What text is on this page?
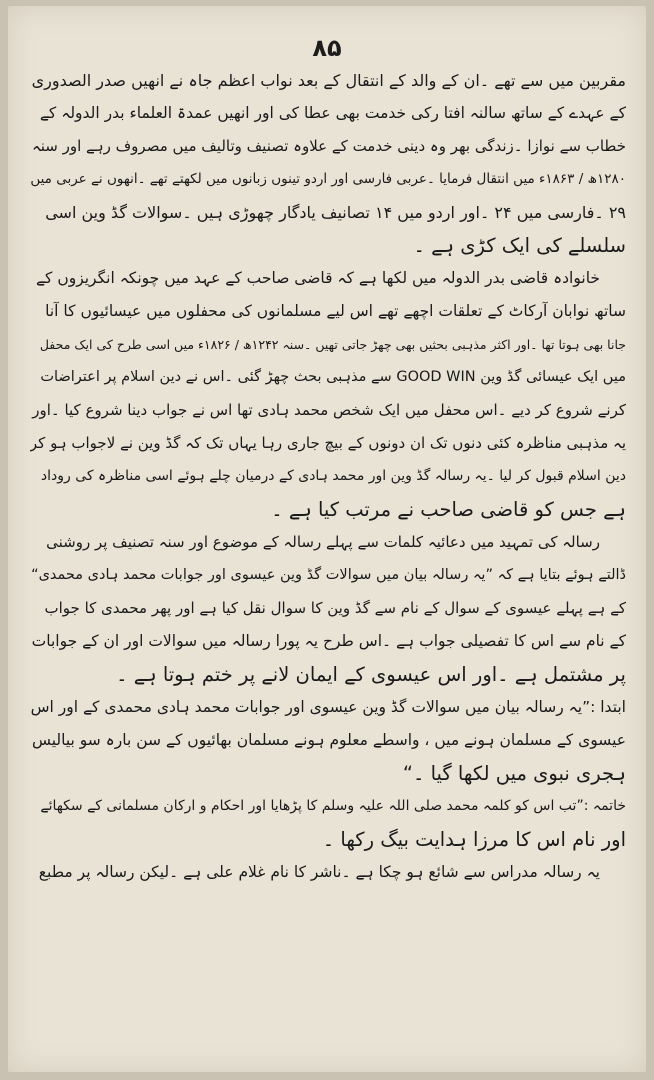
۸۵
مقربین میں سے تھے ۔ان کے والد کے انتقال کے بعد نواب اعظم جاہ نے انھیں صدر الصدوری
کے عہدے کے ساتھ سالنہ افتا رکی خدمت بھی عطا کی اور انھیں عمدۃ العلماء بدر الدولہ کے
خطاب سے نوازا ۔زندگی بھر وہ دینی خدمت کے علاوہ تصنیف وتالیف میں مصروف رہے اور سنہ
۱۲۸۰ھ / ۱۸۶۳ء میں انتقال فرمایا ۔عربی فارسی اور اردو تینوں زبانوں میں لکھتے تھے ۔انھوں نے عربی میں
۲۹ ۔فارسی میں ۲۴ ۔اور اردو میں ۱۴ تصانیف یادگار چھوڑی ہیں ۔سوالات گڈ وین اسی
سلسلے کی ایک کڑی ہے ۔
خانوادہ قاضی بدر الدولہ میں لکھا ہے کہ قاضی صاحب کے عہد میں چونکہ انگریزوں کے
ساتھ نوابان آرکاٹ کے تعلقات اچھے تھے اس لیے مسلمانوں کی محفلوں میں عیسائیوں کا آنا
جانا بھی ہوتا تھا ۔اور اکثر مذہبی بحثیں بھی چھڑ جاتی تھیں ۔سنہ ۱۲۴۲ھ / ۱۸۲۶ء میں اسی طرح کی ایک محفل
میں ایک عیسائی گڈ وین GOOD WIN سے مذہبی بحث چھڑ گئی ۔اس نے دین اسلام پر اعتراضات
کرنے شروع کر دیے ۔اس محفل میں ایک شخص محمد ہادی تھا اس نے جواب دینا شروع کیا ۔اور
یہ مذہبی مناظرہ کئی دنوں تک ان دونوں کے بیچ جاری رہا یہاں تک کہ گڈ وین نے لاجواب ہو کر
دین اسلام قبول کر لیا ۔یہ رسالہ گڈ وین اور محمد ہادی کے درمیان چلے ہوئے اسی مناظرہ کی روداد
ہے جس کو قاضی صاحب نے مرتب کیا ہے ۔
رسالہ کی تمہید میں دعائیہ کلمات سے پہلے رسالہ کے موضوع اور سنہ تصنیف پر روشنی
ڈالتے ہوئے بتایا ہے کہ ”یہ رسالہ بیان میں سوالات گڈ وین عیسوی اور جوابات محمد ہادی محمدی“
کے ہے پہلے عیسوی کے سوال کے نام سے گڈ وین کا سوال نقل کیا ہے اور پھر محمدی کا جواب
کے نام سے اس کا تفصیلی جواب ہے ۔اس طرح یہ پورا رسالہ میں سوالات اور ان کے جوابات
پر مشتمل ہے ۔اور اس عیسوی کے ایمان لانے پر ختم ہوتا ہے ۔
ابتدا :”یہ رسالہ بیان میں سوالات گڈ وین عیسوی اور جوابات محمد ہادی محمدی کے اور اس
عیسوی کے مسلمان ہونے میں ، واسطے معلوم ہونے مسلمان بھائیوں کے سن بارہ سو بیالیس
ہجری نبوی میں لکھا گیا ۔“
خاتمہ :”تب اس کو کلمہ محمد صلی اللہ علیہ وسلم کا پڑھایا اور احکام و ارکان مسلمانی کے سکھائے
اور نام اس کا مرزا ہدایت بیگ رکھا ۔
یہ رسالہ مدراس سے شائع ہو چکا ہے ۔ناشر کا نام غلام علی ہے ۔لیکن رسالہ پر مطبع
